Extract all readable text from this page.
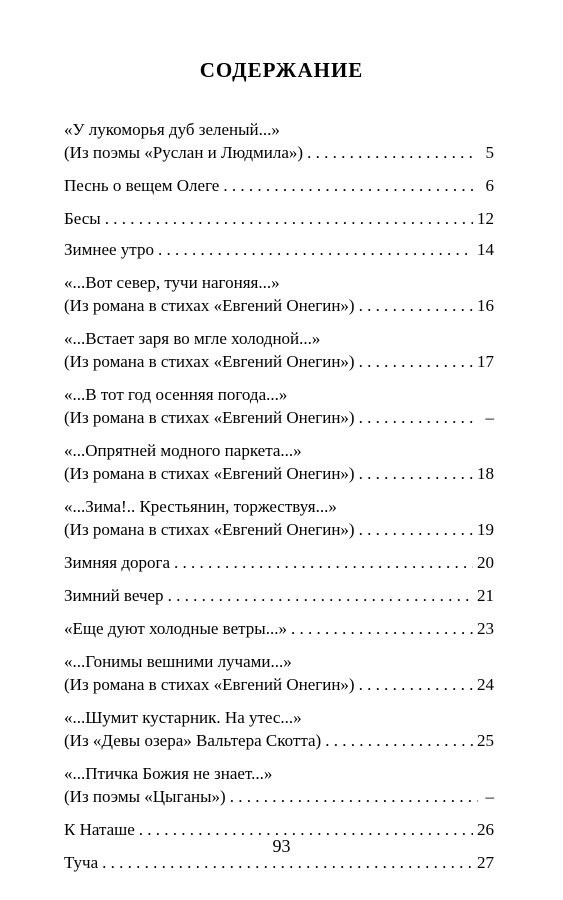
СОДЕРЖАНИЕ
«У лукоморья дуб зеленый...»
(Из поэмы «Руслан и Людмила») . . .	5
Песнь о вещем Олеге . . .	6
Бесы . . .	12
Зимнее утро . . .	14
«...Вот север, тучи нагоняя...»
(Из романа в стихах «Евгений Онегин») . . .	16
«...Встает заря во мгле холодной...»
(Из романа в стихах «Евгений Онегин») . . .	17
«...В тот год осенняя погода...»
(Из романа в стихах «Евгений Онегин») . . .	–
«...Опрятней модного паркета...»
(Из романа в стихах «Евгений Онегин») . . .	18
«...Зима!.. Крестьянин, торжествуя...»
(Из романа в стихах «Евгений Онегин») . . .	19
Зимняя дорога . . .	20
Зимний вечер . . .	21
«Еще дуют холодные ветры...» . . .	23
«...Гонимы вешними лучами...»
(Из романа в стихах «Евгений Онегин») . . .	24
«...Шумит кустарник. На утес...»
(Из «Девы озера» Вальтера Скотта) . . .	25
«...Птичка Божия не знает...»
(Из поэмы «Цыганы») . . .	–
К Наташе . . .	26
Туча . . .	27
93
